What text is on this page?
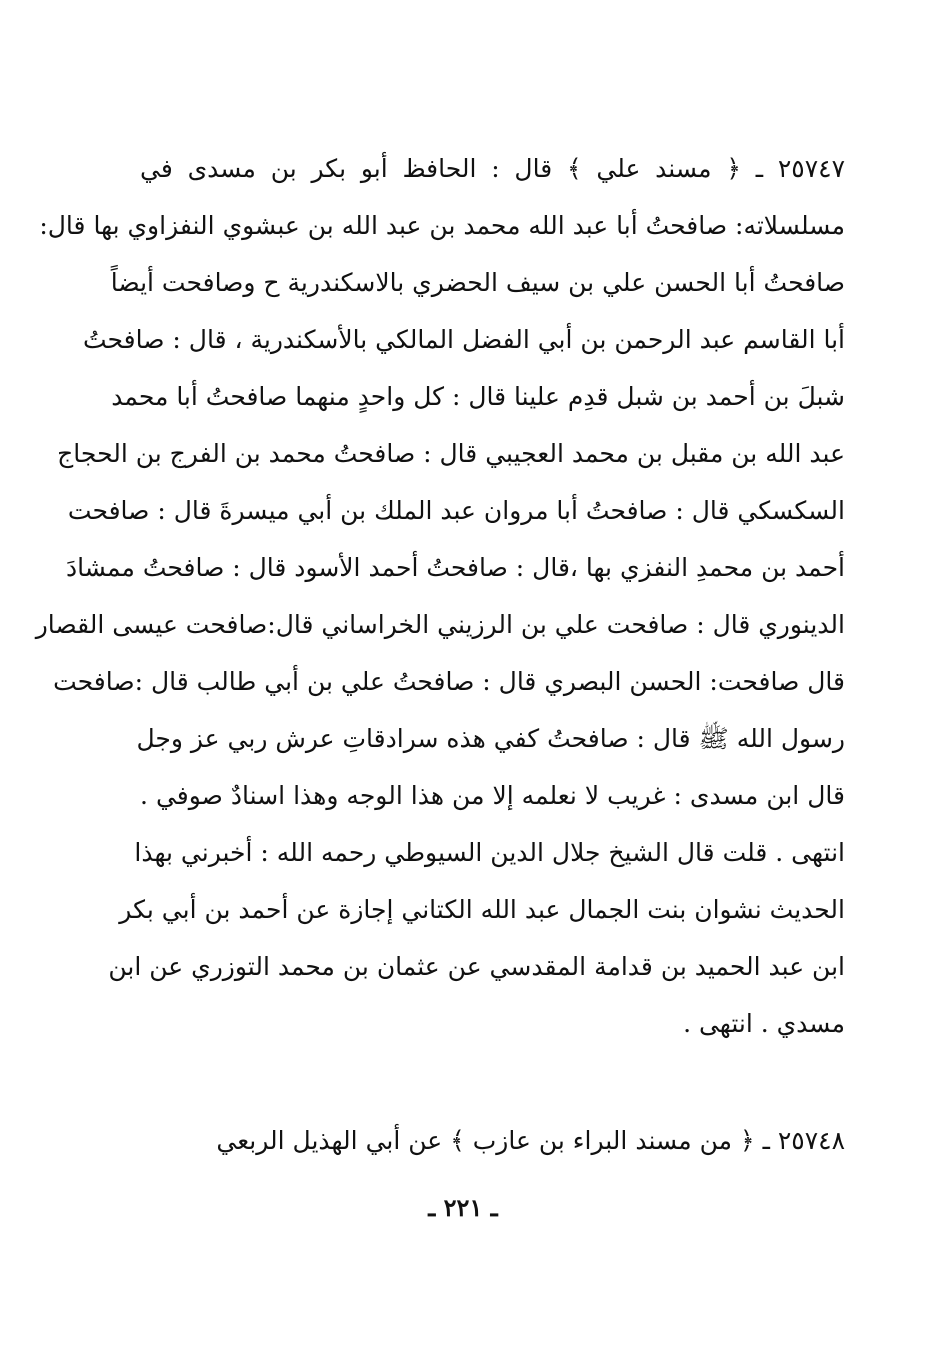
٢٥٧٤٧ ـ ﴿ مسند علي ﴾ قال : الحافظ أبو بكر بن مسدى في
مسلسلاته: صافحتُ أبا عبد الله محمد بن عبد الله بن عبشوي النفزاوي بها قال:
صافحتُ أبا الحسن علي بن سيف الحضري بالاسكندرية ح وصافحت أيضاً
أبا القاسم عبد الرحمن بن أبي الفضل المالكي بالأسكندرية ، قال : صافحتُ
شبلَ بن أحمد بن شبل قدِم علينا قال : كل واحدٍ منهما صافحتُ أبا محمد
عبد الله بن مقبل بن محمد العجيبي قال : صافحتُ محمد بن الفرج بن الحجاج
السكسكي قال : صافحتُ أبا مروان عبد الملك بن أبي ميسرةَ قال : صافحت
أحمد بن محمدِ النفزي بها ،قال : صافحتُ أحمد الأسود قال : صافحتُ ممشادَ
الدينوري قال : صافحت علي بن الرزيني الخراساني قال:صافحت عيسى القصار
قال صافحت: الحسن البصري قال : صافحتُ علي بن أبي طالب قال :صافحت
رسول الله ﷺ قال : صافحتُ كفي هذه سرادقاتِ عرش ربي عز وجل
قال ابن مسدى : غريب لا نعلمه إلا من هذا الوجه وهذا اسنادٌ صوفي .
انتهى . قلت قال الشيخ جلال الدين السيوطي رحمه الله : أخبرني بهذا
الحديث نشوان بنت الجمال عبد الله الكتاني إجازة عن أحمد بن أبي بكر
ابن عبد الحميد بن قدامة المقدسي عن عثمان بن محمد التوزري عن ابن
مسدي . انتهى .
٢٥٧٤٨ ـ ﴿ من مسند البراء بن عازب ﴾ عن أبي الهذيل الربعي
ـ ٢٢١ ـ
